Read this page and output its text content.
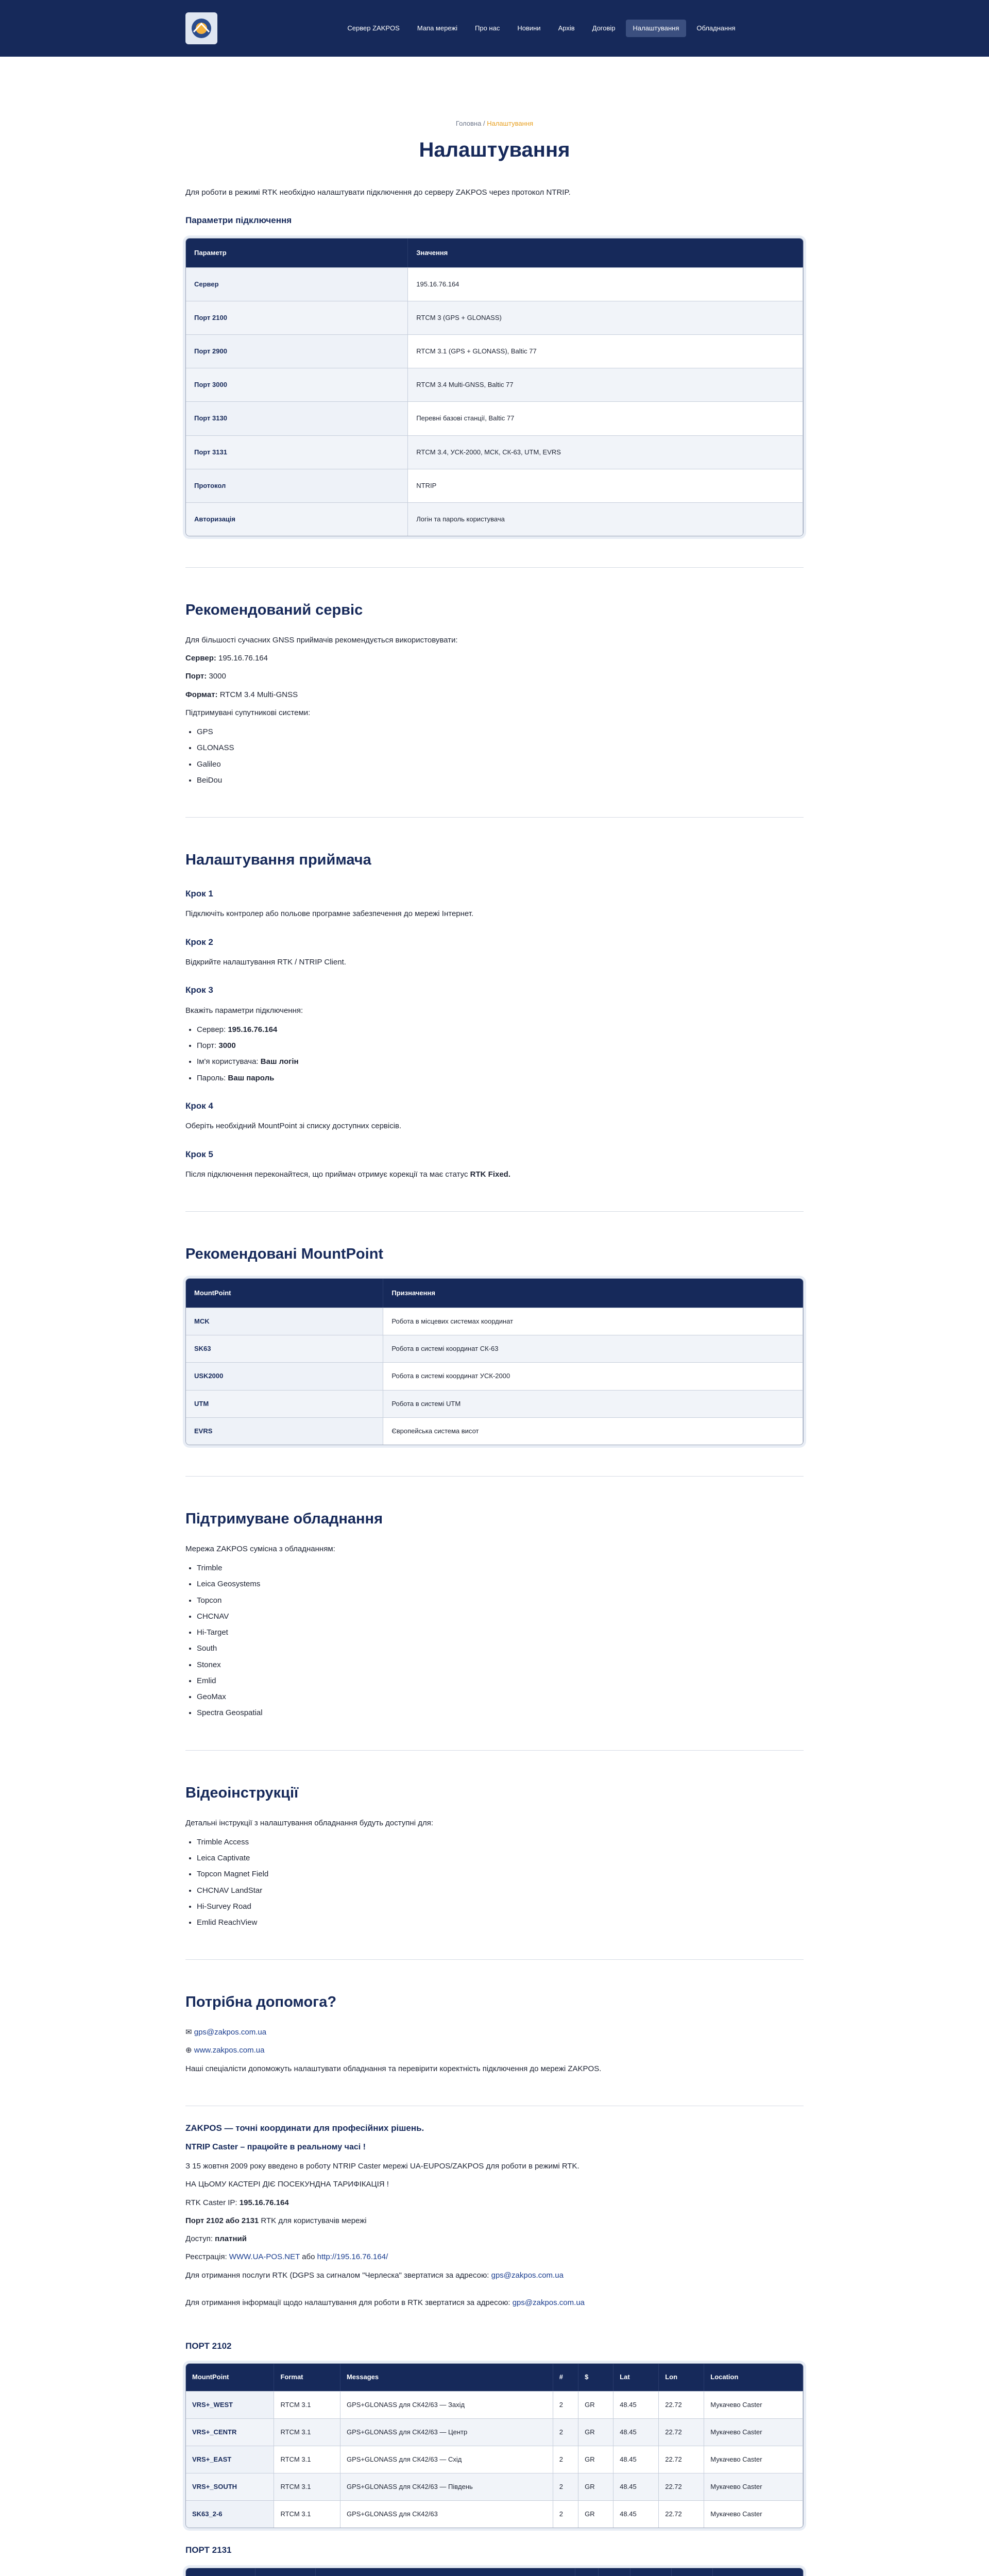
Сервер ZAKPOS	Мапа мережі	Про нас	Новини	Архів	Договір	Налаштування	Обладнання
Головна / Налаштування
Налаштування

Для роботи в режимі RTK необхідно налаштувати підключення до серверу ZAKPOS через протокол NTRIP.

Параметри підключення
Параметр	Значення
Сервер	195.16.76.164
Порт 2100	RTCM 3 (GPS + GLONASS)
Порт 2900	RTCM 3.1 (GPS + GLONASS), Baltic 77
Порт 3000	RTCM 3.4 Multi-GNSS, Baltic 77
Порт 3130	Перевні базові станції, Baltic 77
Порт 3131	RTCM 3.4, УСК-2000, МСК, СК-63, UTM, EVRS
Протокол	NTRIP
Авторизація	Логін та пароль користувача
Рекомендований сервіс

Для більшості сучасних GNSS приймачів рекомендується використовувати:

Сервер: 195.16.76.164

Порт: 3000

Формат: RTCM 3.4 Multi-GNSS

Підтримувані супутникові системи:

• GPS
• GLONASS
• Galileo
• BeiDou
Налаштування приймача
Крок 1

Підключіть контролер або польове програмне забезпечення до мережі Інтернет.

Крок 2

Відкрийте налаштування RTK / NTRIP Client.

Крок 3

Вкажіть параметри підключення:

• Сервер: 195.16.76.164
• Порт: 3000
• Ім'я користувача: Ваш логін
• Пароль: Ваш пароль
Крок 4

Оберіть необхідний MountPoint зі списку доступних сервісів.

Крок 5

Після підключення переконайтеся, що приймач отримує корекції та має статус RTK Fixed.

Рекомендовані MountPoint
MountPoint	Призначення
MCK	Робота в місцевих системах координат
SK63	Робота в системі координат СК-63
USK2000	Робота в системі координат УСК-2000
UTM	Робота в системі UTM
EVRS	Європейська система висот
Підтримуване обладнання

Мережа ZAKPOS сумісна з обладнанням:

• Trimble
• Leica Geosystems
• Topcon
• CHCNAV
• Hi-Target
• South
• Stonex
• Emlid
• GeoMax
• Spectra Geospatial
Відеоінструкції

Детальні інструкції з налаштування обладнання будуть доступні для:

• Trimble Access
• Leica Captivate
• Topcon Magnet Field
• CHCNAV LandStar
• Hi-Survey Road
• Emlid ReachView
Потрібна допомога?

✉ gps@zakpos.com.ua

⊕ www.zakpos.com.ua

Наші спеціалісти допоможуть налаштувати обладнання та перевірити коректність підключення до мережі ZAKPOS.

ZAKPOS — точні координати для професійних рішень.

NTRIP Caster – працюйте в реальному часі !

З 15 жовтня 2009 року введено в роботу NTRIP Caster мережі UA-EUPOS/ZAKPOS для роботи в режимі RTK.

НА ЦЬОМУ КАСТЕРІ ДІЄ ПОСЕКУНДНА ТАРИФІКАЦІЯ !

RTK Caster IP: 195.16.76.164

Порт 2102 або 2131 RTK для користувачів мережі

Доступ: платний

Реєстрація: WWW.UA-POS.NET або http://195.16.76.164/

Для отримання послуги RTK (DGPS за сигналом "Черлеска" звертатися за адресою: gps@zakpos.com.ua

Для отримання інформації щодо налаштування для роботи в RTK звертатися за адресою: gps@zakpos.com.ua

ПОРТ 2102
MountPoint	Format	Messages	#	$	Lat	Lon	Location
VRS+_WEST	RTCM 3.1	GPS+GLONASS для СК42/63 — Захід	2	GR	48.45	22.72	Мукачево Caster
VRS+_CENTR	RTCM 3.1	GPS+GLONASS для СК42/63 — Центр	2	GR	48.45	22.72	Мукачево Caster
VRS+_EAST	RTCM 3.1	GPS+GLONASS для СК42/63 — Схід	2	GR	48.45	22.72	Мукачево Caster
VRS+_SOUTH	RTCM 3.1	GPS+GLONASS для СК42/63 — Південь	2	GR	48.45	22.72	Мукачево Caster
SK63_2-6	RTCM 3.1	GPS+GLONASS для СК42/63	2	GR	48.45	22.72	Мукачево Caster
ПОРТ 2131
